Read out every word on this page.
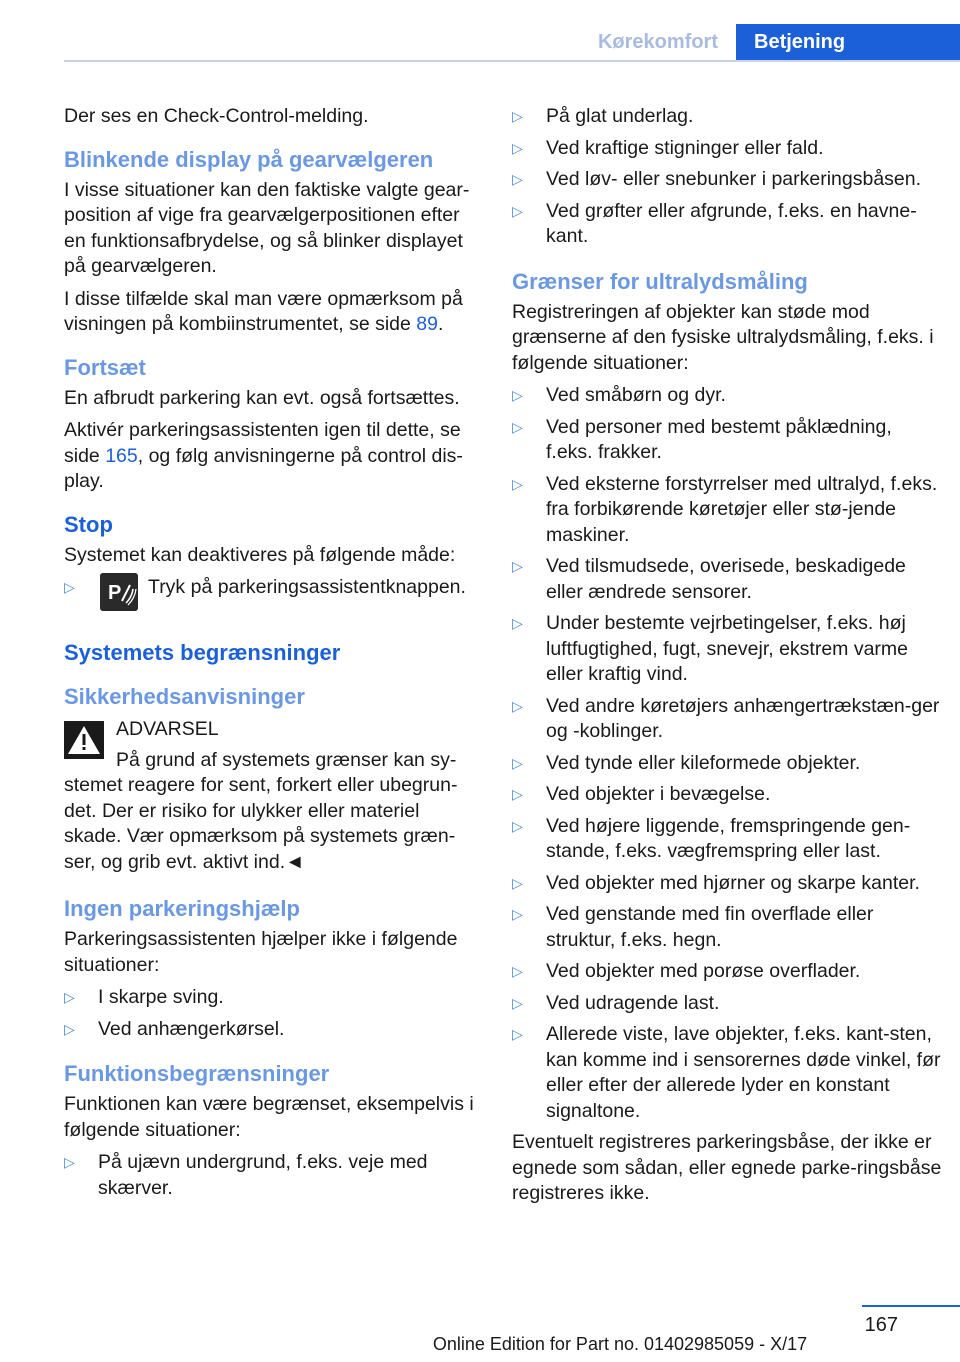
Kørekomfort	Betjening

Der ses en Check-Control-melding.

Blinkende display på gearvælgeren

I visse situationer kan den faktiske valgte gear-position af vige fra gearvælgerpositionen efter en funktionsafbrydelse, og så blinker displayet på gearvælgeren.

I disse tilfælde skal man være opmærksom på visningen på kombiinstrumentet, se side 89.

Fortsæt

En afbrudt parkering kan evt. også fortsættes.

Aktivér parkeringsassistenten igen til dette, se side 165, og følg anvisningerne på control dis-play.

Stop

Systemet kan deaktiveres på følgende måde:

▷ P Tryk på parkeringsassistentknappen.
Systemets begrænsninger
Sikkerhedsanvisninger
ADVARSEL

På grund af systemets grænser kan sy-stemet reagere for sent, forkert eller ubegrun-det. Der er risiko for ulykker eller materiel skade. Vær opmærksom på systemets græn-ser, og grib evt. aktivt ind.◄

Ingen parkeringshjælp

Parkeringsassistenten hjælper ikke i følgende situationer:

▷ I skarpe sving.
▷ Ved anhængerkørsel.
Funktionsbegrænsninger

Funktionen kan være begrænset, eksempelvis i følgende situationer:

▷ På ujævn undergrund, f.eks. veje med skærver.
▷ På glat underlag.
▷ Ved kraftige stigninger eller fald.
▷ Ved løv- eller snebunker i parkeringsbåsen.
▷ Ved grøfter eller afgrunde, f.eks. en havne-kant.
Grænser for ultralydsmåling

Registreringen af objekter kan støde mod grænserne af den fysiske ultralydsmåling, f.eks. i følgende situationer:

▷ Ved småbørn og dyr.
▷ Ved personer med bestemt påklædning, f.eks. frakker.
▷ Ved eksterne forstyrrelser med ultralyd, f.eks. fra forbikørende køretøjer eller stø-jende maskiner.
▷ Ved tilsmudsede, overisede, beskadigede eller ændrede sensorer.
▷ Under bestemte vejrbetingelser, f.eks. høj luftfugtighed, fugt, snevejr, ekstrem varme eller kraftig vind.
▷ Ved andre køretøjers anhængertrækstæn-ger og -koblinger.
▷ Ved tynde eller kileformede objekter.
▷ Ved objekter i bevægelse.
▷ Ved højere liggende, fremspringende gen-stande, f.eks. vægfremspring eller last.
▷ Ved objekter med hjørner og skarpe kanter.
▷ Ved genstande med fin overflade eller struktur, f.eks. hegn.
▷ Ved objekter med porøse overflader.
▷ Ved udragende last.
▷ Allerede viste, lave objekter, f.eks. kant-sten, kan komme ind i sensorernes døde vinkel, før eller efter der allerede lyder en konstant signaltone.

Eventuelt registreres parkeringsbåse, der ikke er egnede som sådan, eller egnede parke-ringsbåse registreres ikke.

167
Online Edition for Part no. 01402985059 - X/17
